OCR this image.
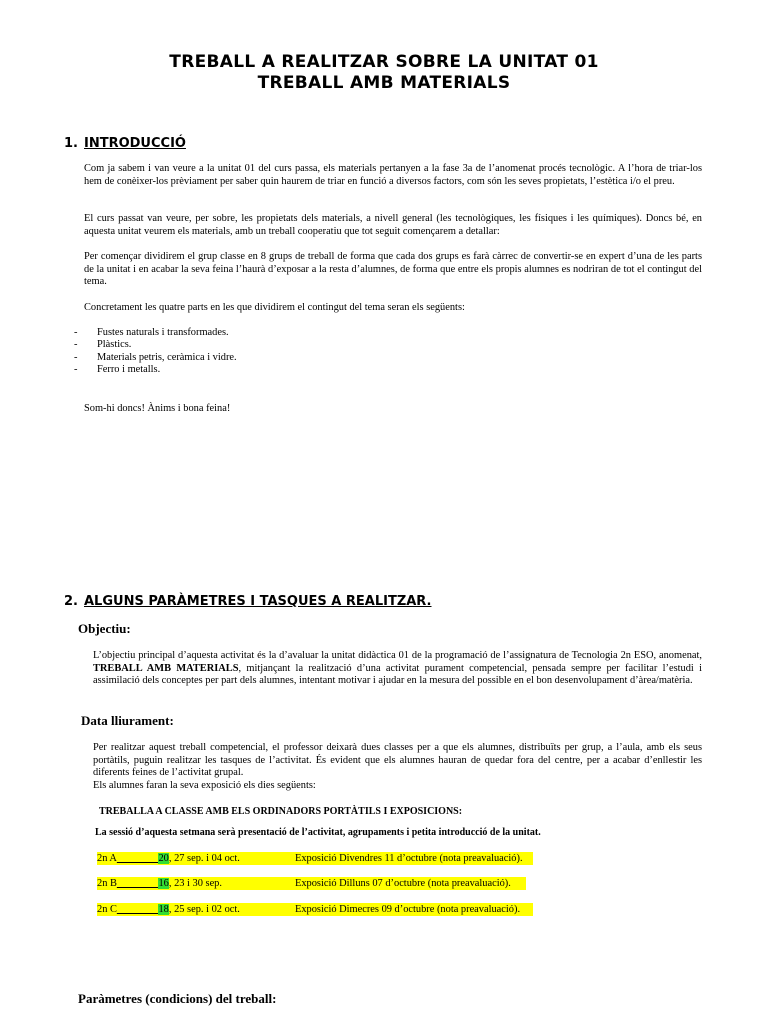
TREBALL A REALITZAR SOBRE LA UNITAT 01
TREBALL AMB MATERIALS
1. INTRODUCCIÓ
Com ja sabem i van veure a la unitat 01 del curs passa, els materials pertanyen a la fase 3a de l’anomenat procés tecnològic. A l’hora de triar-los hem de conèixer-los prèviament per saber quin haurem de triar en funció a diversos factors, com són les seves propietats, l’estètica i/o el preu.
El curs passat van veure, per sobre, les propietats dels materials, a nivell general (les tecnològiques, les físiques i les químiques). Doncs bé, en aquesta unitat veurem els materials, amb un treball cooperatiu que tot seguit començarem a detallar:
Per començar dividirem el grup classe en 8 grups de treball de forma que cada dos grups es farà càrrec de convertir-se en expert d’una de les parts de la unitat i en acabar la seva feina l’haurà d’exposar a la resta d’alumnes, de forma que entre els propis alumnes es nodriran de tot el contingut del tema.
Concretament les quatre parts en les que dividirem el contingut del tema seran els següents:
- Fustes naturals i transformades.
- Plàstics.
- Materials petris, ceràmica i vidre.
- Ferro i metalls.
Som-hi doncs! Ànims i bona feina!
2. ALGUNS PARÀMETRES I TASQUES A REALITZAR.
Objectiu:
L’objectiu principal d’aquesta activitat és la d’avaluar la unitat didàctica 01 de la programació de l’assignatura de Tecnologia 2n ESO, anomenat, TREBALL AMB MATERIALS, mitjançant la realització d’una activitat purament competencial, pensada sempre per facilitar l’estudi i assimilació dels conceptes per part dels alumnes, intentant motivar i ajudar en la mesura del possible en el bon desenvolupament d’àrea/matèria.
Data lliurament:
Per realitzar aquest treball competencial, el professor deixarà dues classes per a que els alumnes, distribuïts per grup, a l’aula, amb els seus portàtils, puguin realitzar les tasques de l’activitat. És evident que els alumnes hauran de quedar fora del centre, per a acabar d’enllestir les diferents feines de l’activitat grupal.
Els alumnes faran la seva exposició els dies següents:
TREBALLA A CLASSE AMB ELS ORDINADORS PORTÀTILS I EXPOSICIONS:
La sessió d’aquesta setmana serà presentació de l’activitat, agrupaments i petita introducció de la unitat.
2n A________20, 27 sep. i 04 oct.	Exposició Divendres 11 d’octubre (nota preavaluació).
2n B________16, 23 i 30 sep.	Exposició Dilluns 07 d’octubre (nota preavaluació).
2n C________18, 25 sep. i 02 oct.	Exposició Dimecres 09 d’octubre (nota preavaluació).
Paràmetres (condicions) del treball:
